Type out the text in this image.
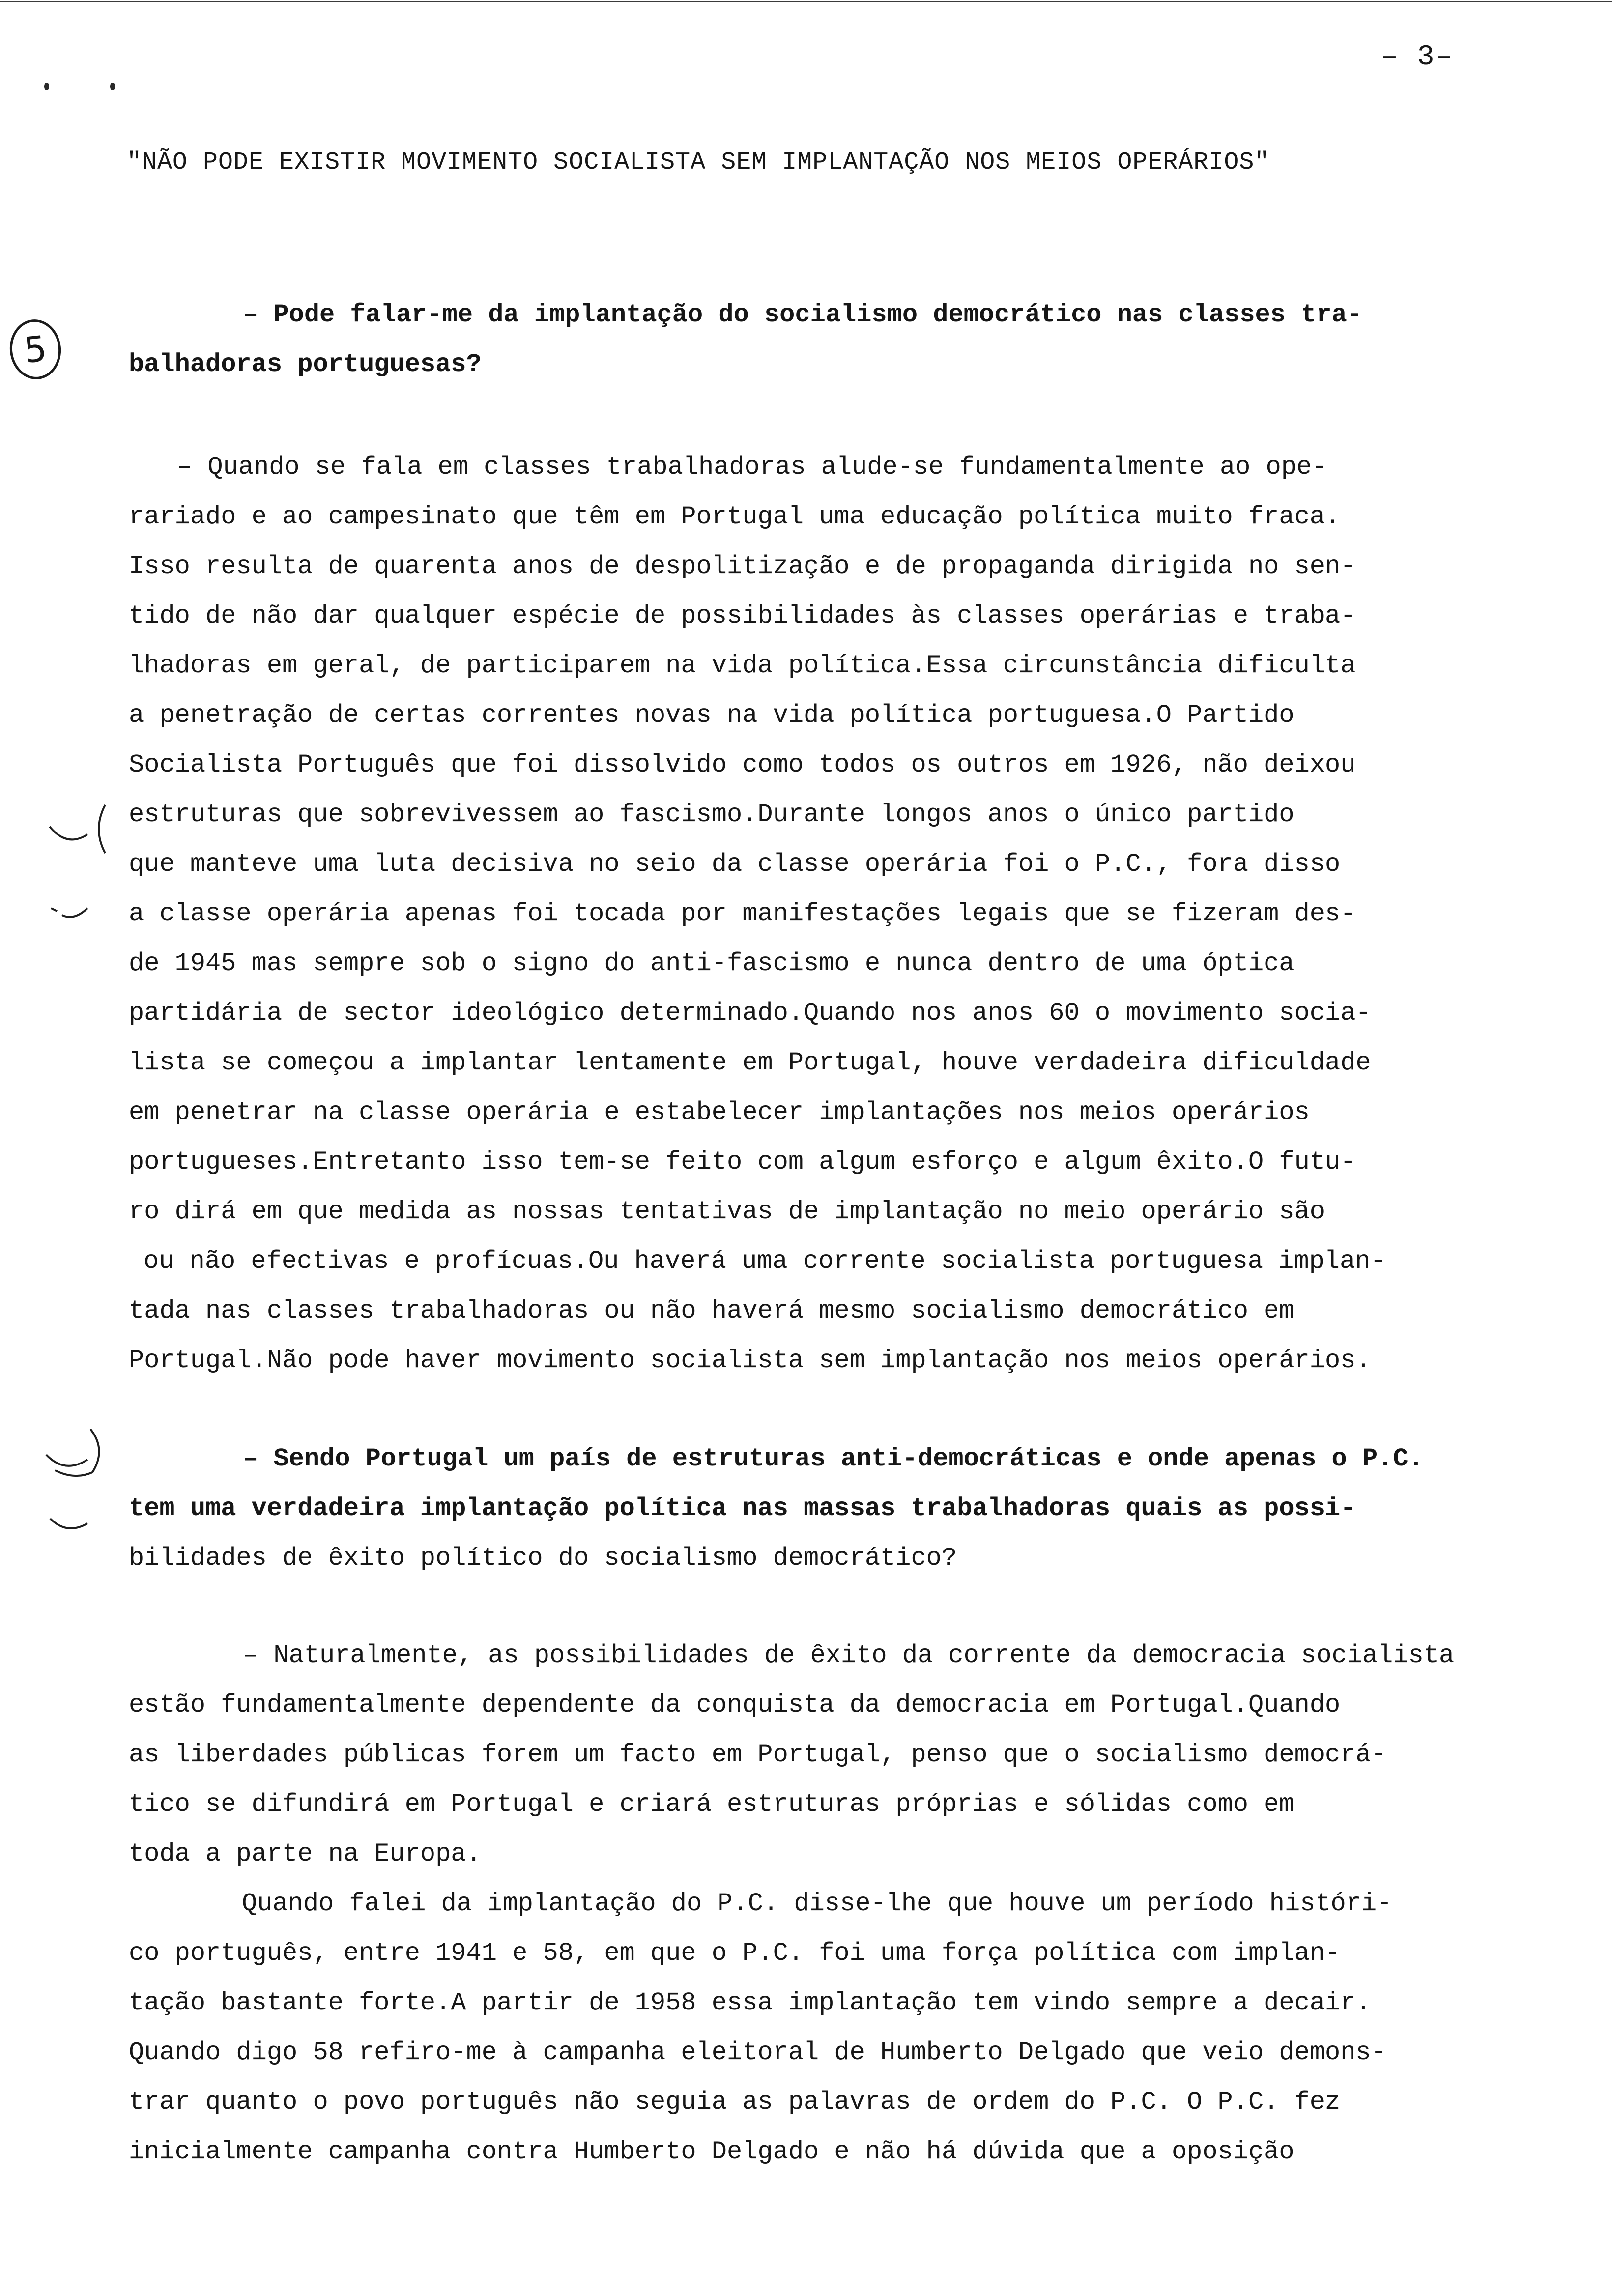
– 3–
"NÃO PODE EXISTIR MOVIMENTO SOCIALISTA SEM IMPLANTAÇÃO NOS MEIOS OPERÁRIOS"
5
– Pode falar-me da implantação do socialismo democrático nas classes tra-
balhadoras portuguesas?
– Quando se fala em classes trabalhadoras alude-se fundamentalmente ao ope-
rariado e ao campesinato que têm em Portugal uma educação política muito fraca.
Isso resulta de quarenta anos de despolitização e de propaganda dirigida no sen-
tido de não dar qualquer espécie de possibilidades às classes operárias e traba-
lhadoras em geral, de participarem na vida política.Essa circunstância dificulta
a penetração de certas correntes novas na vida política portuguesa.O Partido
Socialista Português que foi dissolvido como todos os outros em 1926, não deixou
estruturas que sobrevivessem ao fascismo.Durante longos anos o único partido
que manteve uma luta decisiva no seio da classe operária foi o P.C., fora disso
a classe operária apenas foi tocada por manifestações legais que se fizeram des-
de 1945 mas sempre sob o signo do anti-fascismo e nunca dentro de uma óptica
partidária de sector ideológico determinado.Quando nos anos 60 o movimento socia-
lista se começou a implantar lentamente em Portugal, houve verdadeira dificuldade
em penetrar na classe operária e estabelecer implantações nos meios operários
portugueses.Entretanto isso tem-se feito com algum esforço e algum êxito.O futu-
ro dirá em que medida as nossas tentativas de implantação no meio operário são
ou não efectivas e profícuas.Ou haverá uma corrente socialista portuguesa implan-
tada nas classes trabalhadoras ou não haverá mesmo socialismo democrático em
Portugal.Não pode haver movimento socialista sem implantação nos meios operários.
– Sendo Portugal um país de estruturas anti-democráticas e onde apenas o P.C.
tem uma verdadeira implantação política nas massas trabalhadoras quais as possi-
bilidades de êxito político do socialismo democrático?
– Naturalmente, as possibilidades de êxito da corrente da democracia socialista
estão fundamentalmente dependente da conquista da democracia em Portugal.Quando
as liberdades públicas forem um facto em Portugal, penso que o socialismo democrá-
tico se difundirá em Portugal e criará estruturas próprias e sólidas como em
toda a parte na Europa.
Quando falei da implantação do P.C. disse-lhe que houve um período históri-
co português, entre 1941 e 58, em que o P.C. foi uma força política com implan-
tação bastante forte.A partir de 1958 essa implantação tem vindo sempre a decair.
Quando digo 58 refiro-me à campanha eleitoral de Humberto Delgado que veio demons-
trar quanto o povo português não seguia as palavras de ordem do P.C. O P.C. fez
inicialmente campanha contra Humberto Delgado e não há dúvida que a oposição
